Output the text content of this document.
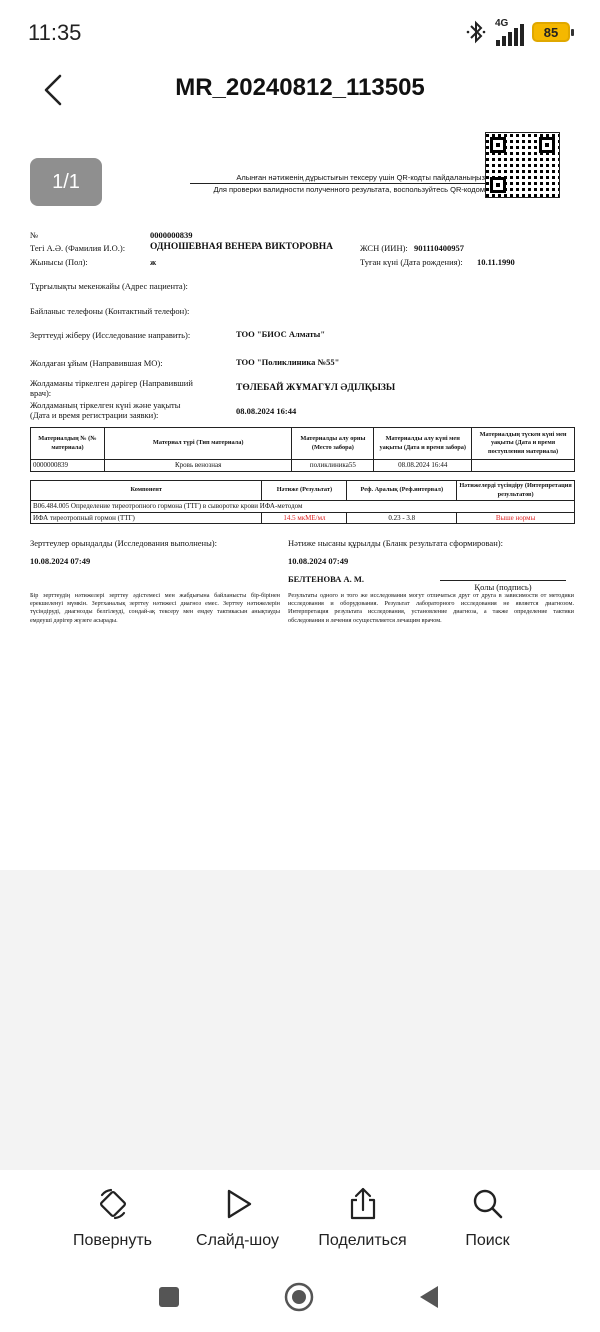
11:35	4G
85
MR_20240812_113505
1/1	Алынған нәтиженің дұрыстығын тексеру үшін QR-кодты пайдаланыңыз
Для проверки валидности полученного результата, воспользуйтесь QR-кодом
№	0000000839
Тегі А.Ә. (Фамилия И.О.):	ОДНОШЕВНАЯ ВЕНЕРА ВИКТОРОВНА	ЖСН (ИИН): 901110400957
Жынысы (Пол):	ж	Туған күні (Дата рождения): 10.11.1990
Тұрғылықты мекенжайы (Адрес пациента):
Байланыс телефоны (Контактный телефон):
Зерттеуді жіберу (Исследование направить):	ТОО "БИОС Алматы"
Жолдаған ұйым (Направившая МО):	ТОО "Поликлиника №55"
Жолдаманы тіркелген дәрігер (Направивший
врач):	ТӨЛЕБАЙ ЖҰМАГҰЛ ӘДІЛҚЫЗЫ
Жолдаманың тіркелген күні және уақыты
(Дата и время регистрации заявки):	08.08.2024 16:44
Материалдың № (№ материала)	Материал түрі (Тип материала)	Материалды алу орны (Место забора)	Материалды алу күні мен уақыты (Дата и время забора)	Материалдың түскен күні мен уақыты (Дата и время поступления материала)
0000000839	Кровь венозная	поликлиника55	08.08.2024 16:44	
Компонент	Нәтиже (Результат)	Реф. Аралық (Реф.интервал)	Нәтижелерді түсіндіру (Интерпретация результатов)
B06.484.005 Определение тиреотропного гормона (ТТГ) в сыворотке крови ИФА-методом			
ИФА тиреотропный гормон (ТТГ)	14.5 мкМЕ/мл	0.23 - 3.8	Выше нормы
Зерттеулер орындалды (Исследования выполнены):
10.08.2024 07:49
Нәтиже нысаны құрылды (Бланк результата сформирован):
10.08.2024 07:49
БЕЛТЕНОВА А. М.
Қолы (подпись)
Бір зерттеудің нәтижелері зерттеу әдістемесі мен жабдығына байланысты бір-бірінен ерекшеленуі мүмкін. Зертханалық зерттеу нәтижесі диагноз емес. Зерттеу нәтижелерін түсіндіруді, диагнозды белгілеуді, сондай-ақ тексеру мен емдеу тактикасын анықтауды емдеуші дәрігер жүзеге асырады.
Результаты одного и того же исследования могут отличаться друг от друга в зависимости от методики исследования и оборудования. Результат лабораторного исследования не является диагнозом. Интерпретация результата исследования, установление диагноза, а также определение тактики обследования и лечения осуществляется лечащим врачом.
Повернуть	Слайд-шоу Поделиться	Поиск
